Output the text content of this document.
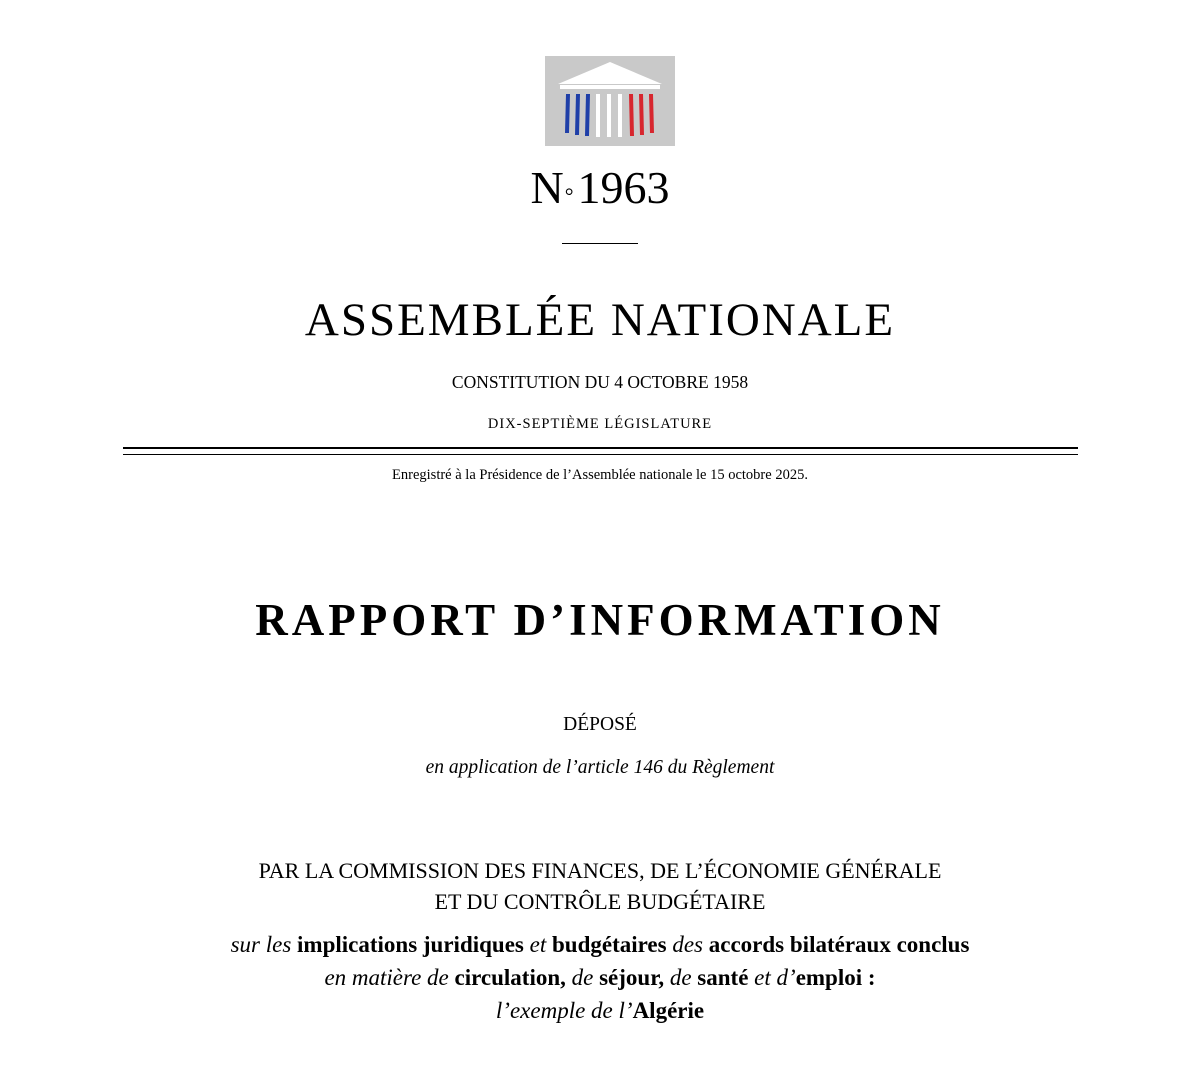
N°1963
ASSEMBLÉE NATIONALE
CONSTITUTION DU 4 OCTOBRE 1958
DIX-SEPTIÈME LÉGISLATURE
Enregistré à la Présidence de l’Assemblée nationale le 15 octobre 2025.
RAPPORT D’INFORMATION
DÉPOSÉ
en application de l’article 146 du Règlement
PAR LA COMMISSION DES FINANCES, DE L’ÉCONOMIE GÉNÉRALE
ET DU CONTRÔLE BUDGÉTAIRE
sur les implications juridiques et budgétaires des accords bilatéraux conclus
en matière de circulation, de séjour, de santé et d’emploi :
l’exemple de l’Algérie
